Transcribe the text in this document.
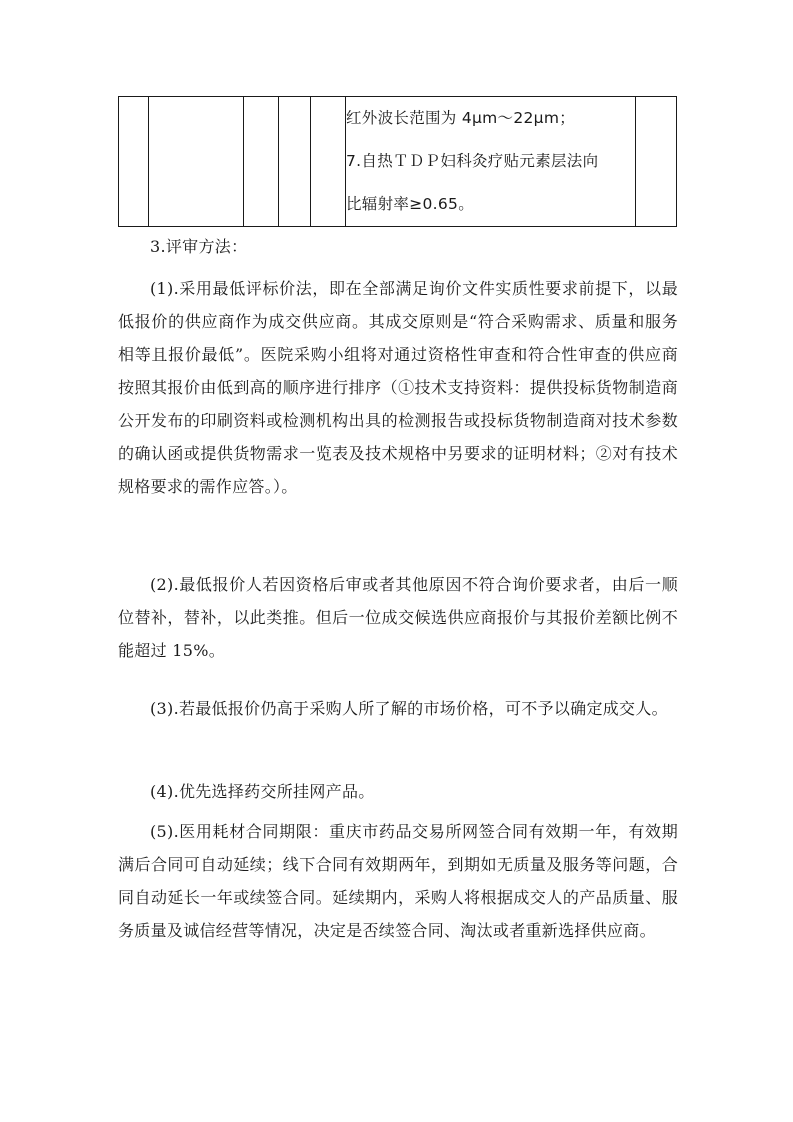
红外波长范围为 4μm～22μm；
7.自热ＴＤＰ妇科灸疗贴元素层法向
比辐射率≥0.65。

3.评审方法：

(1).采用最低评标价法，即在全部满足询价文件实质性要求前提下，以最低报价的供应商作为成交供应商。其成交原则是“符合采购需求、质量和服务相等且报价最低”。医院采购小组将对通过资格性审查和符合性审查的供应商按照其报价由低到高的顺序进行排序（①技术支持资料：提供投标货物制造商公开发布的印刷资料或检测机构出具的检测报告或投标货物制造商对技术参数的确认函或提供货物需求一览表及技术规格中另要求的证明材料；②对有技术规格要求的需作应答。）。

(2).最低报价人若因资格后审或者其他原因不符合询价要求者，由后一顺位替补，替补，以此类推。但后一位成交候选供应商报价与其报价差额比例不能超过 15%。

(3).若最低报价仍高于采购人所了解的市场价格，可不予以确定成交人。

(4).优先选择药交所挂网产品。

(5).医用耗材合同期限：重庆市药品交易所网签合同有效期一年，有效期满后合同可自动延续；线下合同有效期两年，到期如无质量及服务等问题，合同自动延长一年或续签合同。延续期内，采购人将根据成交人的产品质量、服务质量及诚信经营等情况，决定是否续签合同、淘汰或者重新选择供应商。
